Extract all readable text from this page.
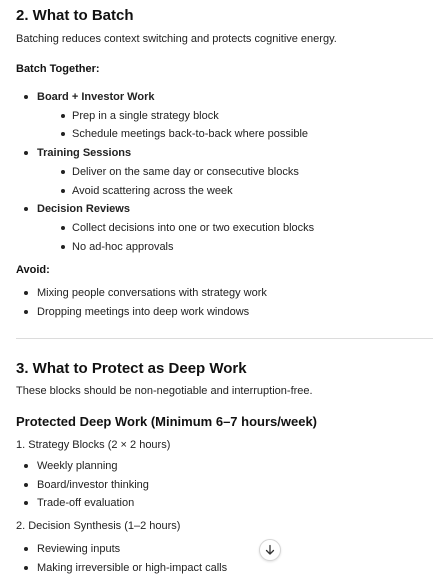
2. What to Batch

Batching reduces context switching and protects cognitive energy.

Batch Together:

Board + Investor Work
Prep in a single strategy block
Schedule meetings back-to-back where possible
Training Sessions
Deliver on the same day or consecutive blocks
Avoid scattering across the week
Decision Reviews
Collect decisions into one or two execution blocks
No ad-hoc approvals

Avoid:

Mixing people conversations with strategy work
Dropping meetings into deep work windows
3. What to Protect as Deep Work

These blocks should be non-negotiable and interruption-free.

Protected Deep Work (Minimum 6–7 hours/week)

1. Strategy Blocks (2 × 2 hours)

Weekly planning
Board/investor thinking
Trade-off evaluation

2. Decision Synthesis (1–2 hours)

Reviewing inputs
Making irreversible or high-impact calls
